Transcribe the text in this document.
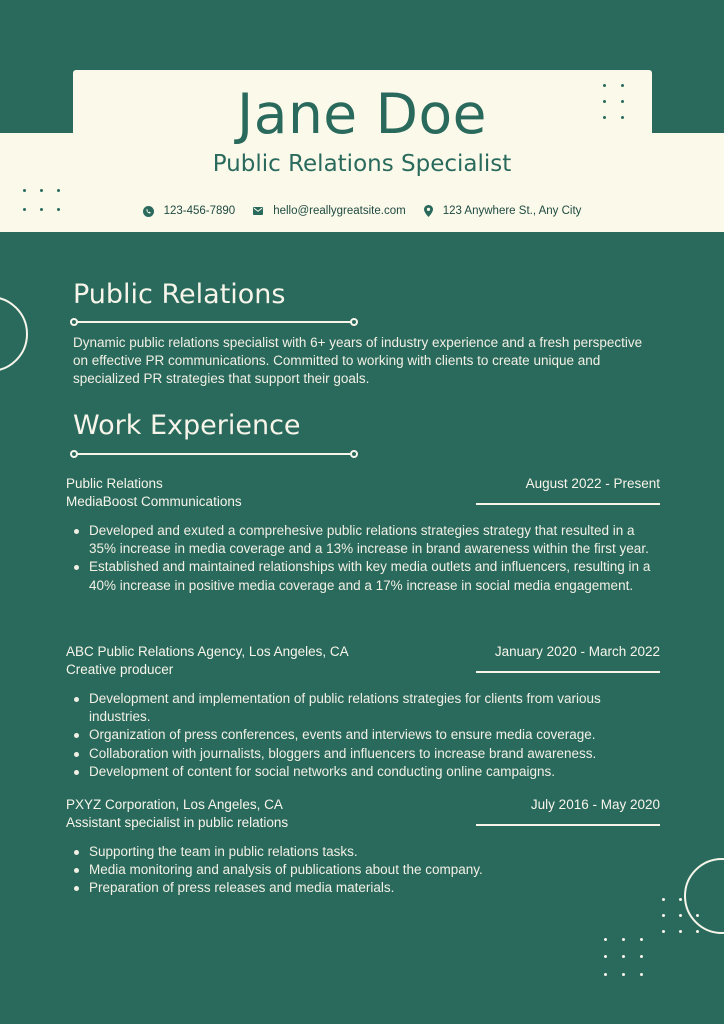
Jane Doe
Public Relations Specialist
123-456-7890	hello@reallygreatsite.com	123 Anywhere St., Any City
Public Relations
Dynamic public relations specialist with 6+ years of industry experience and a fresh perspective on effective PR communications. Committed to working with clients to create unique and specialized PR strategies that support their goals.
Work Experience
Public Relations
MediaBoost Communications
August 2022 - Present
Developed and exuted a comprehesive public relations strategies strategy that resulted in a 35% increase in media coverage and a 13% increase in brand awareness within the first year.
Established and maintained relationships with key media outlets and influencers, resulting in a 40% increase in positive media coverage and a 17% increase in social media engagement.
ABC Public Relations Agency, Los Angeles, CA
Creative producer
January 2020 - March 2022
Development and implementation of public relations strategies for clients from various industries.
Organization of press conferences, events and interviews to ensure media coverage.
Collaboration with journalists, bloggers and influencers to increase brand awareness.
Development of content for social networks and conducting online campaigns.
PXYZ Corporation, Los Angeles, CA
Assistant specialist in public relations
July 2016 - May 2020
Supporting the team in public relations tasks.
Media monitoring and analysis of publications about the company.
Preparation of press releases and media materials.
